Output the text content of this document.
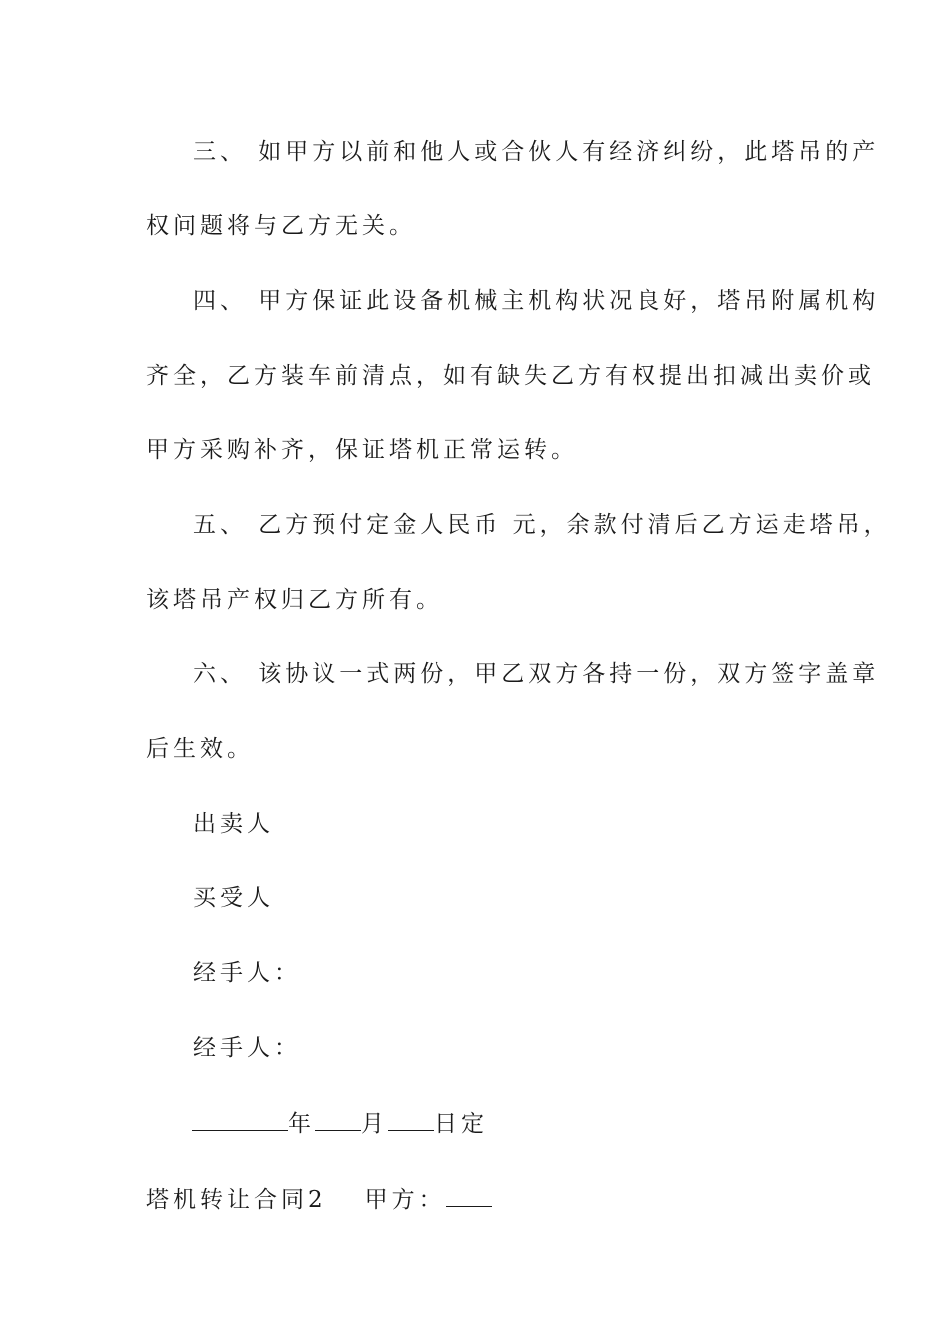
三、 如甲方以前和他人或合伙人有经济纠纷，此塔吊的产
权问题将与乙方无关。
四、 甲方保证此设备机械主机构状况良好，塔吊附属机构
齐全，乙方装车前清点，如有缺失乙方有权提出扣减出卖价或
甲方采购补齐，保证塔机正常运转。
五、 乙方预付定金人民币 元，余款付清后乙方运走塔吊，
该塔吊产权归乙方所有。
六、 该协议一式两份，甲乙双方各持一份，双方签字盖章
后生效。
出卖人
买受人
经手人：
经手人：
年 月 日定
塔机转让合同2 甲方：
